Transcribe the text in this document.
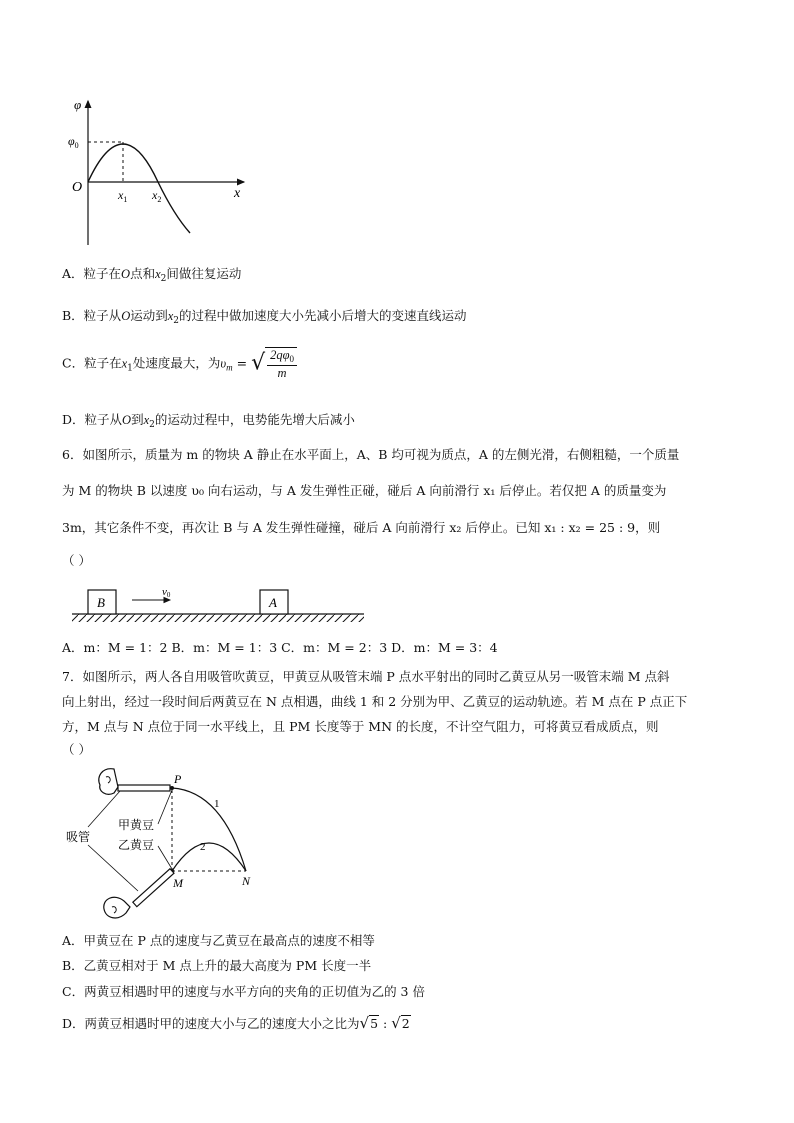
φ
$\varphi_0$
O	$x_1$ $x_2$	x
A．粒子在O点和$x_2$间做往复运动
B．粒子从O运动到$x_2$的过程中做加速度大小先减小后增大的变速直线运动
C．粒子在$x_1$处速度最大，为$\upsilon_m$ = √ $\frac{2q\varphi_0}{m}$
D．粒子从O到$x_2$的运动过程中，电势能先增大后减小
6．如图所示，质量为 m 的物块 A 静止在水平面上，A、B 均可视为质点，A 的左侧光滑，右侧粗糙，一个质量
为 M 的物块 B 以速度 υ₀ 向右运动，与 A 发生弹性正碰，碰后 A 向前滑行 x₁ 后停止。若仅把 A 的质量变为
3m，其它条件不变，再次让 B 与 A 发生弹性碰撞，碰后 A 向前滑行 x₂ 后停止。已知 x₁ : x₂ = 25 : 9，则
（ ）
B	A
v0
A．m：M = 1：2 B．m：M = 1：3 C．m：M = 2：3 D．m：M = 3：4
7．如图所示，两人各自用吸管吹黄豆，甲黄豆从吸管末端 P 点水平射出的同时乙黄豆从另一吸管末端 M 点斜
向上射出，经过一段时间后两黄豆在 N 点相遇，曲线 1 和 2 分别为甲、乙黄豆的运动轨迹。若 M 点在 P 点正下
方，M 点与 N 点位于同一水平线上，且 PM 长度等于 MN 的长度，不计空气阻力，可将黄豆看成质点，则
（ ）
P
1
2
M	N
甲黄豆
乙黄豆
吸管
A．甲黄豆在 P 点的速度与乙黄豆在最高点的速度不相等
B．乙黄豆相对于 M 点上升的最大高度为 PM 长度一半
C．两黄豆相遇时甲的速度与水平方向的夹角的正切值为乙的 3 倍
D．两黄豆相遇时甲的速度大小与乙的速度大小之比为√5 : √2
